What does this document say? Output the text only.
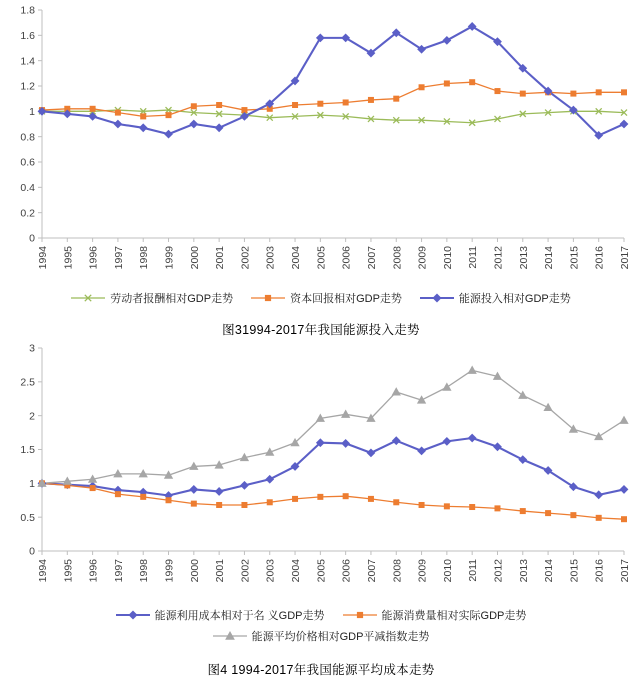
0
0.2
0.4
0.6
0.8
1
1.2
1.4
1.6
1.8
1994 1995 1996 1997 1998 1999 2000 2001 2002 2003 2004 2005 2006 2007 2008 2009 2010 2011 2012 2013 2014 2015 2016 2017
劳动者报酬相对GDP走势	资本回报相对GDP走势	能源投入相对GDP走势
图31994-2017年我国能源投入走势
0
0.5
1
1.5
2
2.5
3
1994 1995 1996 1997 1998 1999 2000 2001 2002 2003 2004 2005 2006 2007 2008 2009 2010 2011 2012 2013 2014 2015 2016 2017
能源利用成本相对于名 义GDP走势	能源消费量相对实际GDP走势
能源平均价格相对GDP平减指数走势
图4 1994-2017年我国能源平均成本走势
